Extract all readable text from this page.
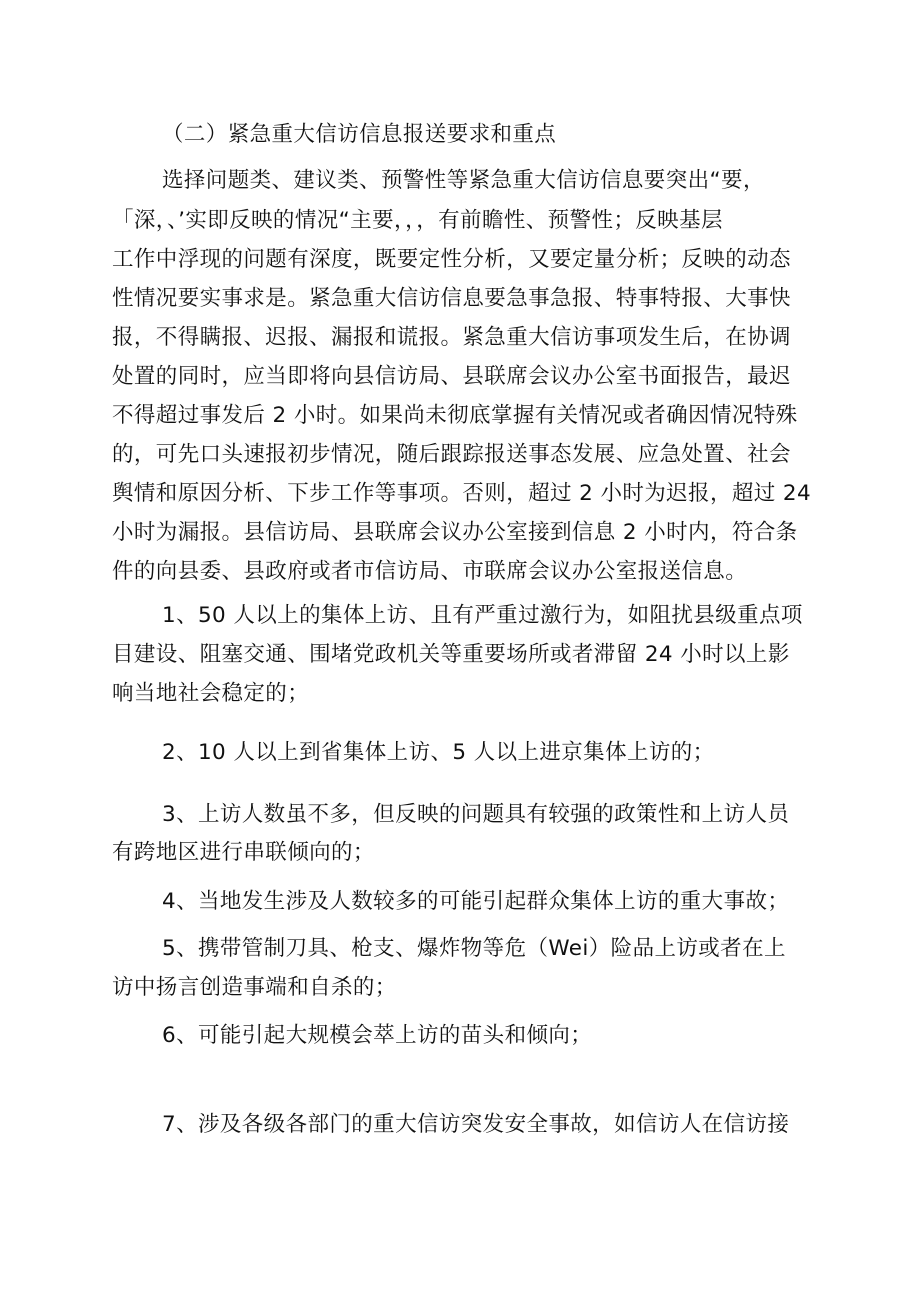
（二）紧急重大信访信息报送要求和重点
选择问题类、建议类、预警性等紧急重大信访信息要突出“要，
「深，、’实即反映的情况“主要，，，有前瞻性、预警性；反映基层
工作中浮现的问题有深度，既要定性分析，又要定量分析；反映的动态
性情况要实事求是。紧急重大信访信息要急事急报、特事特报、大事快
报，不得瞒报、迟报、漏报和谎报。紧急重大信访事项发生后，在协调
处置的同时，应当即将向县信访局、县联席会议办公室书面报告，最迟
不得超过事发后 2 小时。如果尚未彻底掌握有关情况或者确因情况特殊
的，可先口头速报初步情况，随后跟踪报送事态发展、应急处置、社会
舆情和原因分析、下步工作等事项。否则，超过 2 小时为迟报，超过 24
小时为漏报。县信访局、县联席会议办公室接到信息 2 小时内，符合条
件的向县委、县政府或者市信访局、市联席会议办公室报送信息。
1、50 人以上的集体上访、且有严重过激行为，如阻扰县级重点项
目建设、阻塞交通、围堵党政机关等重要场所或者滞留 24 小时以上影
响当地社会稳定的；
2、10 人以上到省集体上访、5 人以上进京集体上访的；
3、上访人数虽不多，但反映的问题具有较强的政策性和上访人员
有跨地区进行串联倾向的；
4、当地发生涉及人数较多的可能引起群众集体上访的重大事故；
5、携带管制刀具、枪支、爆炸物等危（Wei）险品上访或者在上
访中扬言创造事端和自杀的；
6、可能引起大规模会萃上访的苗头和倾向；
7、涉及各级各部门的重大信访突发安全事故，如信访人在信访接
